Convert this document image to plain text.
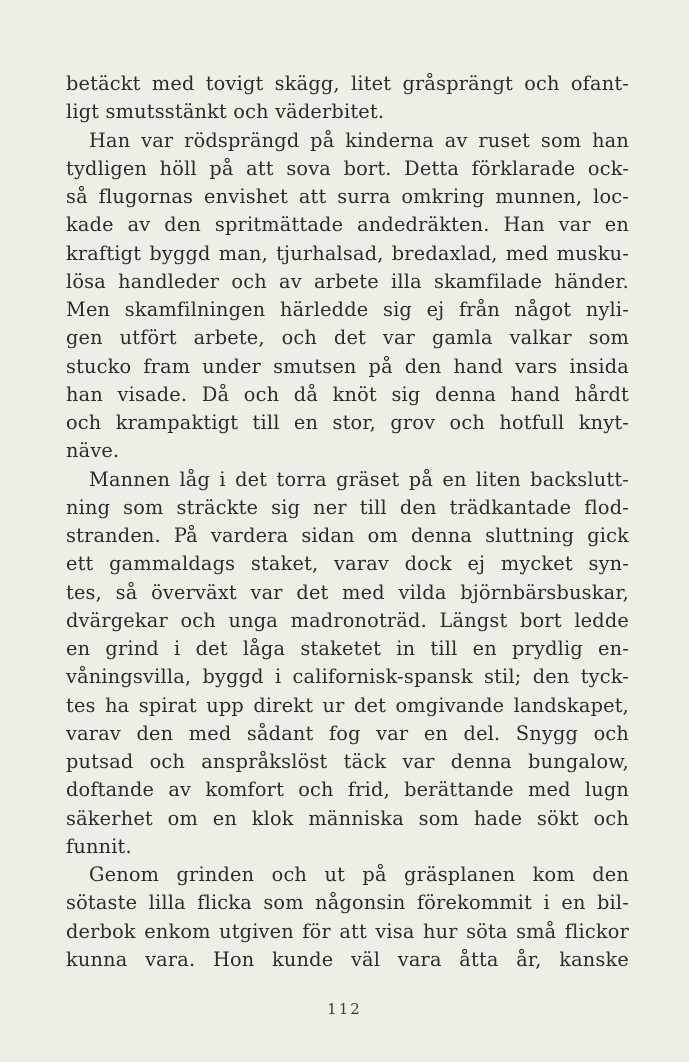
betäckt med tovigt skägg, litet gråsprängt och ofant-
ligt smutsstänkt och väderbitet.
Han var rödsprängd på kinderna av ruset som han
tydligen höll på att sova bort. Detta förklarade ock-
så flugornas envishet att surra omkring munnen, loc-
kade av den spritmättade andedräkten. Han var en
kraftigt byggd man, tjurhalsad, bredaxlad, med musku-
lösa handleder och av arbete illa skamfilade händer.
Men skamfilningen härledde sig ej från något nyli-
gen utfört arbete, och det var gamla valkar som
stucko fram under smutsen på den hand vars insida
han visade. Då och då knöt sig denna hand hårdt
och krampaktigt till en stor, grov och hotfull knyt-
näve.
Mannen låg i det torra gräset på en liten backslutt-
ning som sträckte sig ner till den trädkantade flod-
stranden. På vardera sidan om denna sluttning gick
ett gammaldags staket, varav dock ej mycket syn-
tes, så överväxt var det med vilda björnbärsbuskar,
dvärgekar och unga madronoträd. Längst bort ledde
en grind i det låga staketet in till en prydlig en-
våningsvilla, byggd i californisk-spansk stil; den tyck-
tes ha spirat upp direkt ur det omgivande landskapet,
varav den med sådant fog var en del. Snygg och
putsad och anspråkslöst täck var denna bungalow,
doftande av komfort och frid, berättande med lugn
säkerhet om en klok människa som hade sökt och
funnit.
Genom grinden och ut på gräsplanen kom den
sötaste lilla flicka som någonsin förekommit i en bil-
derbok enkom utgiven för att visa hur söta små flickor
kunna vara. Hon kunde väl vara åtta år, kanske
112
